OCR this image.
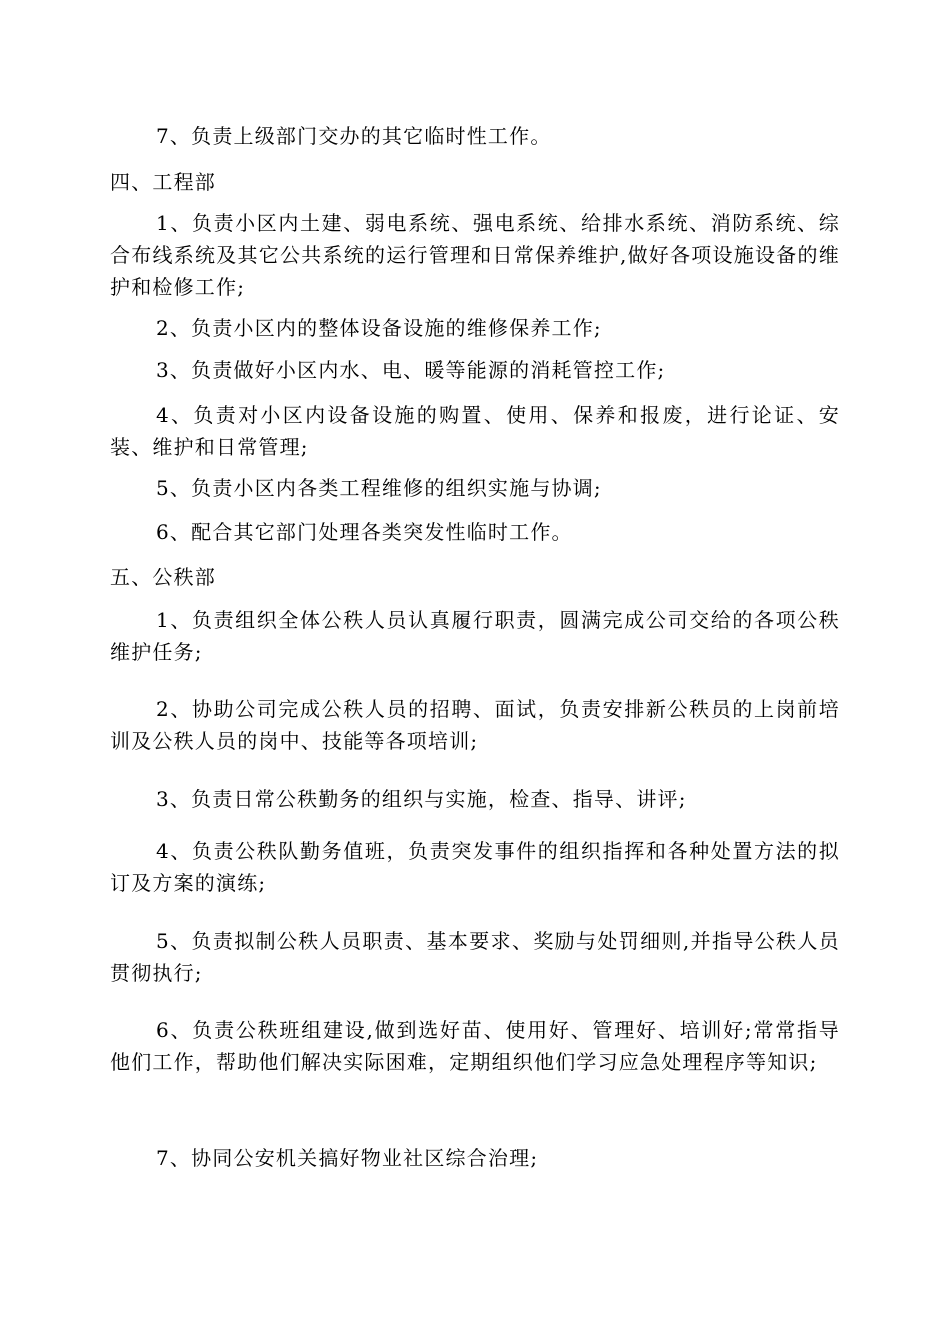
7、负责上级部门交办的其它临时性工作。

四、工程部

1、负责小区内土建、弱电系统、强电系统、给排水系统、消防系统、综合布线系统及其它公共系统的运行管理和日常保养维护,做好各项设施设备的维护和检修工作;

2、负责小区内的整体设备设施的维修保养工作;

3、负责做好小区内水、电、暖等能源的消耗管控工作;

4、负责对小区内设备设施的购置、使用、保养和报废，进行论证、安装、维护和日常管理;

5、负责小区内各类工程维修的组织实施与协调;

6、配合其它部门处理各类突发性临时工作。

五、公秩部

1、负责组织全体公秩人员认真履行职责，圆满完成公司交给的各项公秩维护任务;

2、协助公司完成公秩人员的招聘、面试，负责安排新公秩员的上岗前培训及公秩人员的岗中、技能等各项培训;

3、负责日常公秩勤务的组织与实施，检查、指导、讲评;

4、负责公秩队勤务值班，负责突发事件的组织指挥和各种处置方法的拟订及方案的演练;

5、负责拟制公秩人员职责、基本要求、奖励与处罚细则,并指导公秩人员贯彻执行;

6、负责公秩班组建设,做到选好苗、使用好、管理好、培训好;常常指导他们工作，帮助他们解决实际困难，定期组织他们学习应急处理程序等知识;

7、协同公安机关搞好物业社区综合治理;
